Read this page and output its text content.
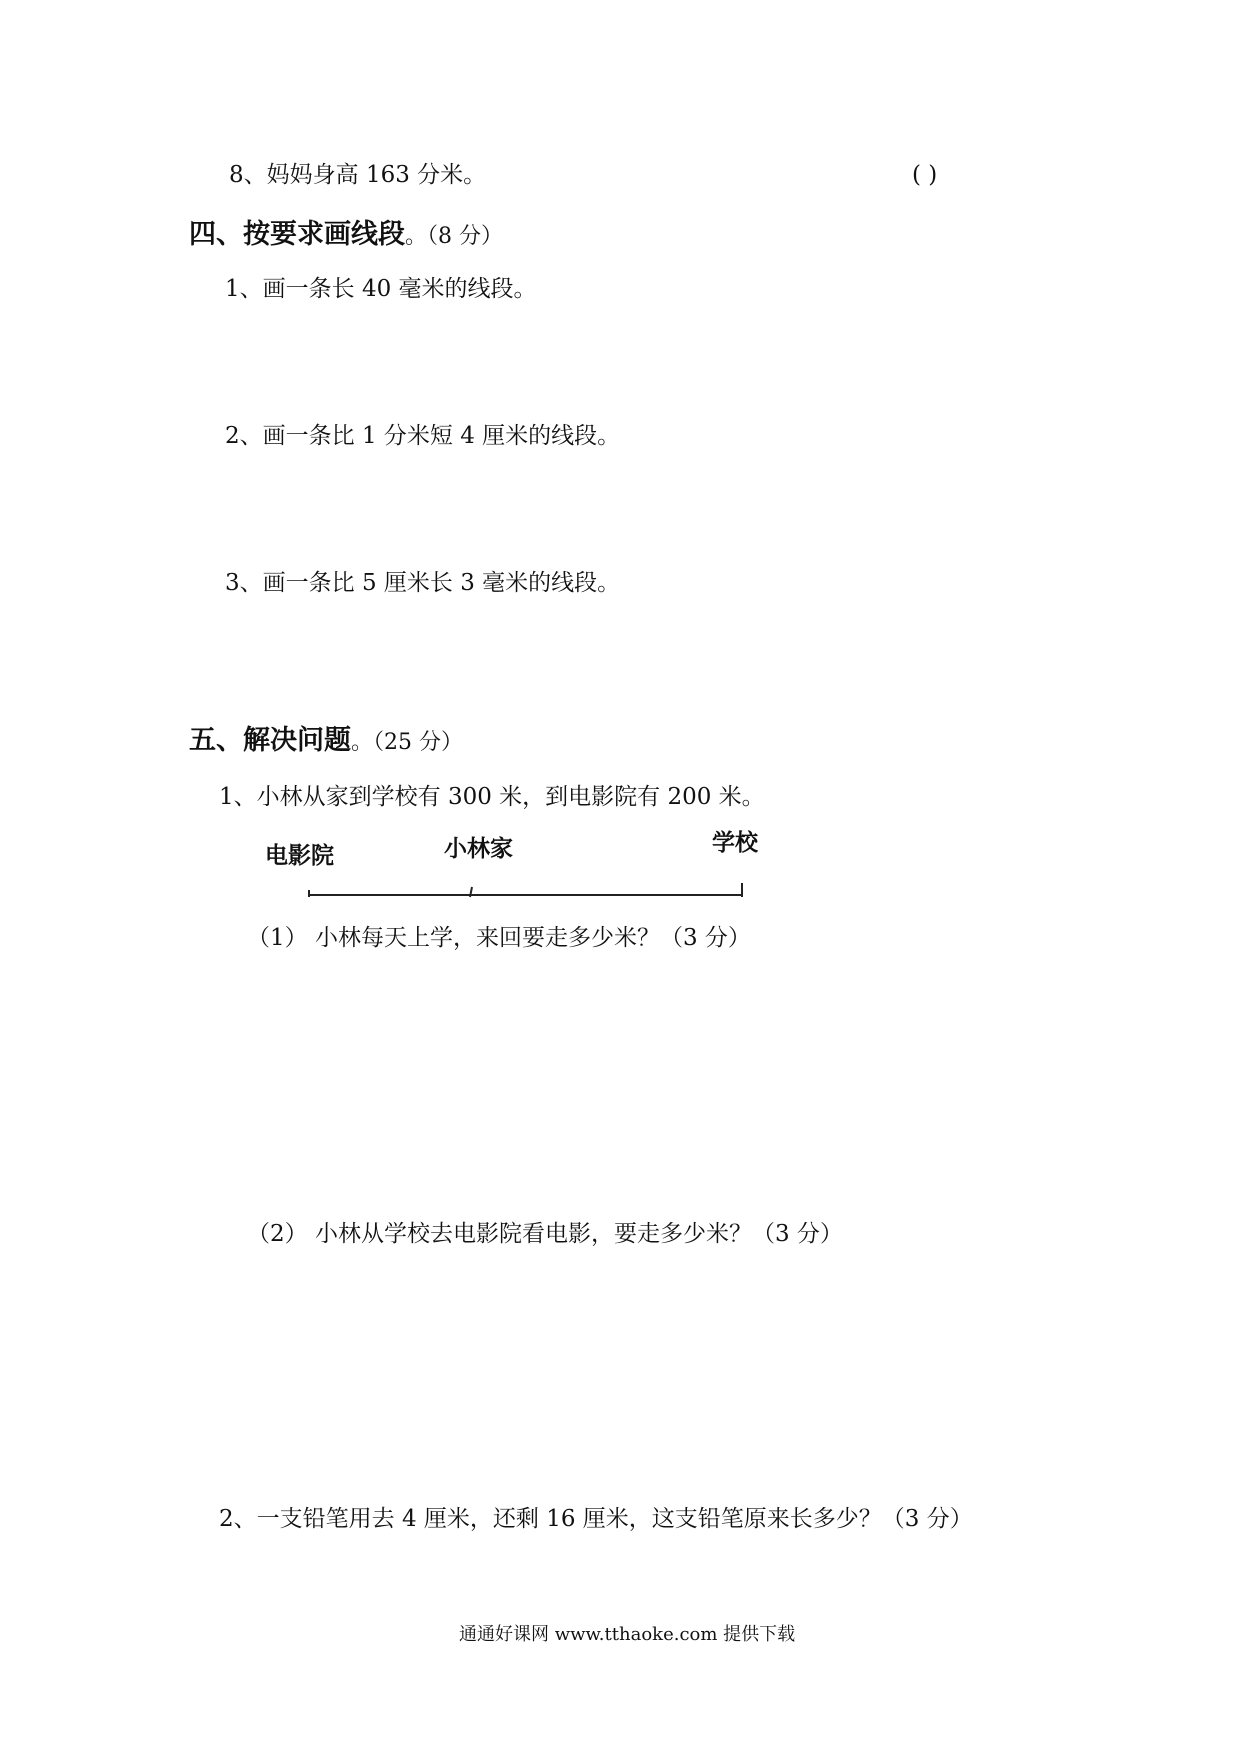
8、妈妈身高 163 分米。	( )
四、按要求画线段。（8 分）
1、画一条长 40 毫米的线段。
2、画一条比 1 分米短 4 厘米的线段。
3、画一条比 5 厘米长 3 毫米的线段。
五、解决问题。（25 分）
1、小林从家到学校有 300 米，到电影院有 200 米。
电影院	小林家	学校
（1） 小林每天上学，来回要走多少米？（3 分）
（2） 小林从学校去电影院看电影，要走多少米？（3 分）
2、一支铅笔用去 4 厘米，还剩 16 厘米，这支铅笔原来长多少？（3 分）
通通好课网 www.tthaoke.com 提供下载
